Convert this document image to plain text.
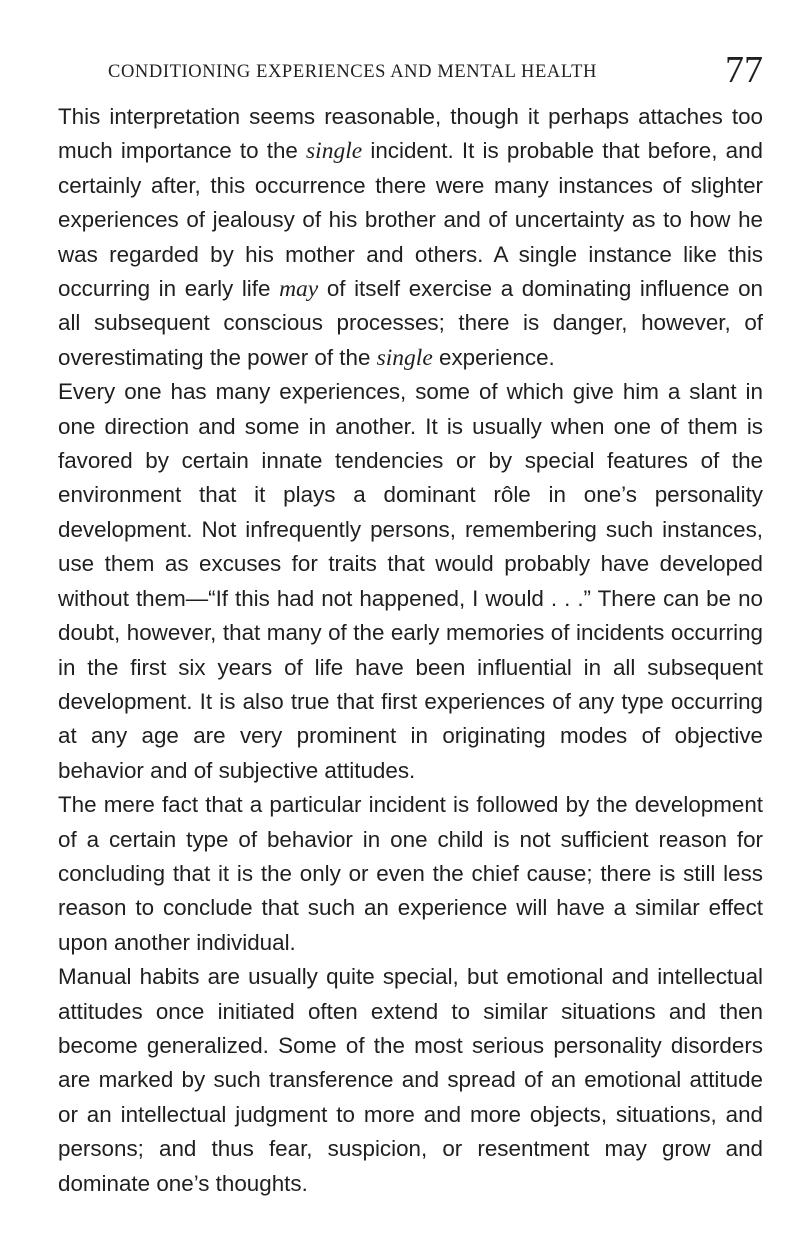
CONDITIONING EXPERIENCES AND MENTAL HEALTH	77

This interpretation seems reasonable, though it perhaps attaches too much importance to the single incident. It is probable that before, and certainly after, this occurrence there were many instances of slighter experiences of jealousy of his brother and of uncertainty as to how he was regarded by his mother and others. A single instance like this occurring in early life may of itself exercise a dominating influence on all subsequent conscious processes; there is danger, however, of overestimating the power of the single experience.

Every one has many experiences, some of which give him a slant in one direction and some in another. It is usually when one of them is favored by certain innate tendencies or by special features of the environment that it plays a dominant rôle in one’s personality development. Not infrequently persons, remembering such instances, use them as excuses for traits that would probably have developed without them—“If this had not happened, I would . . .” There can be no doubt, however, that many of the early memories of incidents occurring in the first six years of life have been influential in all subsequent development. It is also true that first experiences of any type occurring at any age are very prominent in originating modes of objective behavior and of subjective attitudes.

The mere fact that a particular incident is followed by the development of a certain type of behavior in one child is not sufficient reason for concluding that it is the only or even the chief cause; there is still less reason to conclude that such an experience will have a similar effect upon another individual.

Manual habits are usually quite special, but emotional and intellectual attitudes once initiated often extend to similar situations and then become generalized. Some of the most serious personality disorders are marked by such transference and spread of an emotional attitude or an intellectual judgment to more and more objects, situations, and persons; and thus fear, suspicion, or resentment may grow and dominate one’s thoughts.
